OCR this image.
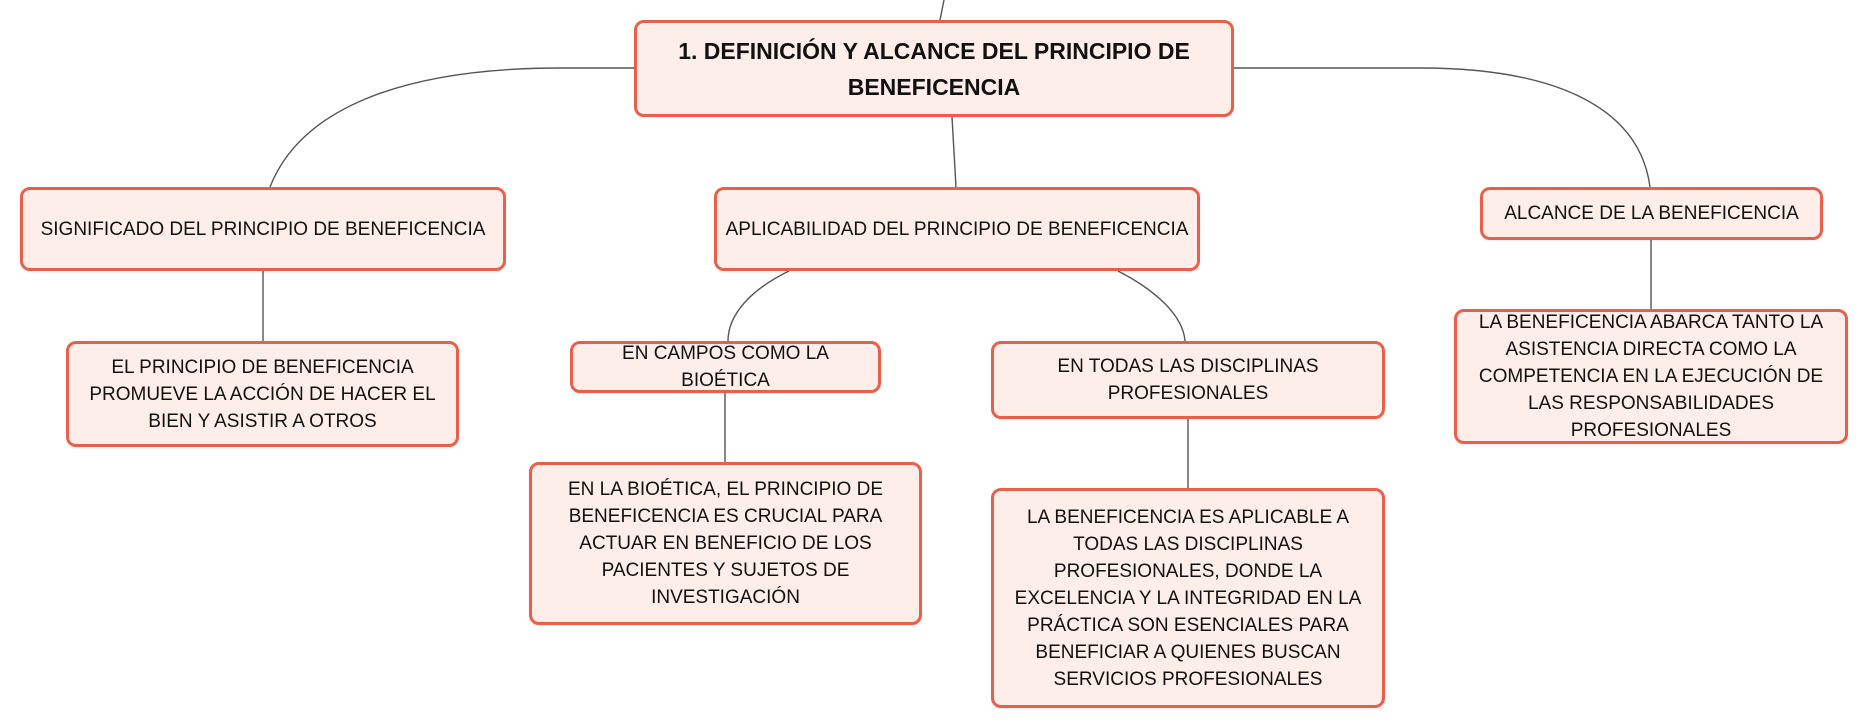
1. DEFINICIÓN Y ALCANCE DEL PRINCIPIO DE BENEFICENCIA
SIGNIFICADO DEL PRINCIPIO DE BENEFICENCIA	APLICABILIDAD DEL PRINCIPIO DE BENEFICENCIA
ALCANCE DE LA BENEFICENCIA
EL PRINCIPIO DE BENEFICENCIA PROMUEVE LA ACCIÓN DE HACER EL BIEN Y ASISTIR A OTROS
EN CAMPOS COMO LA BIOÉTICA
EN TODAS LAS DISCIPLINAS PROFESIONALES
LA BENEFICENCIA ABARCA TANTO LA ASISTENCIA DIRECTA COMO LA COMPETENCIA EN LA EJECUCIÓN DE LAS RESPONSABILIDADES PROFESIONALES
EN LA BIOÉTICA, EL PRINCIPIO DE BENEFICENCIA ES CRUCIAL PARA ACTUAR EN BENEFICIO DE LOS PACIENTES Y SUJETOS DE INVESTIGACIÓN
LA BENEFICENCIA ES APLICABLE A TODAS LAS DISCIPLINAS PROFESIONALES, DONDE LA EXCELENCIA Y LA INTEGRIDAD EN LA PRÁCTICA SON ESENCIALES PARA BENEFICIAR A QUIENES BUSCAN SERVICIOS PROFESIONALES
